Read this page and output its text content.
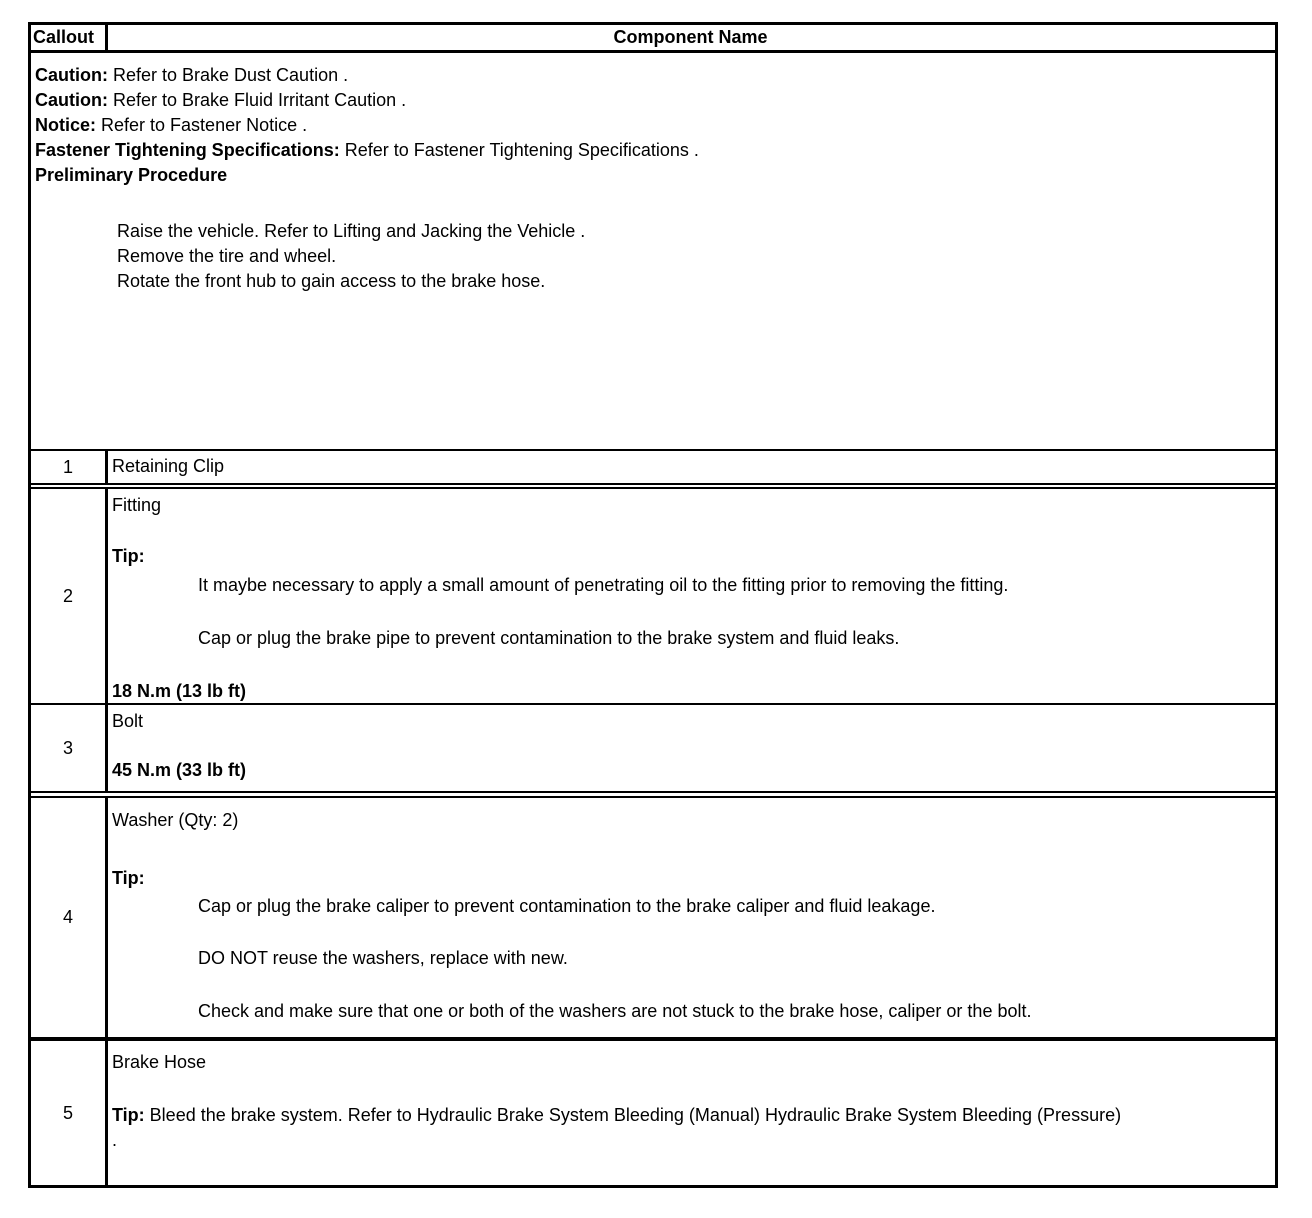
Callout	Component Name

Caution: Refer to Brake Dust Caution .

Caution: Refer to Brake Fluid Irritant Caution .

Notice: Refer to Fastener Notice .

Fastener Tightening Specifications: Refer to Fastener Tightening Specifications .

Preliminary Procedure

Raise the vehicle. Refer to Lifting and Jacking the Vehicle .
Remove the tire and wheel.
Rotate the front hub to gain access to the brake hose.
1 Retaining Clip
2
Fitting
Tip:
It maybe necessary to apply a small amount of penetrating oil to the fitting prior to removing the fitting.
Cap or plug the brake pipe to prevent contamination to the brake system and fluid leaks.
18 N.m (13 lb ft)
3
Bolt
45 N.m (33 lb ft)
4
Washer (Qty: 2)
Tip:
Cap or plug the brake caliper to prevent contamination to the brake caliper and fluid leakage.
DO NOT reuse the washers, replace with new.
Check and make sure that one or both of the washers are not stuck to the brake hose, caliper or the bolt.
5
Brake Hose
Tip: Bleed the brake system. Refer to Hydraulic Brake System Bleeding (Manual) Hydraulic Brake System Bleeding (Pressure)
.
